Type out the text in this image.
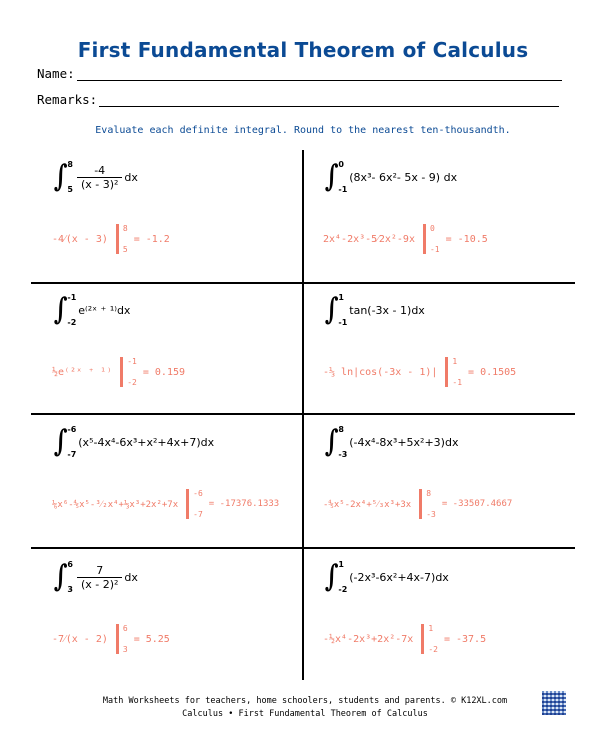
First Fundamental Theorem of Calculus
Name:
Remarks:
Evaluate each definite integral. Round to the nearest ten-thousandth.
∫ 8
$5 \frac{-4}{\text{(x - 3)²}}$ dx
-4⁄(x - 3)
8
5
= -1.2
∫ 0
-1
(8x³- 6x²- 5x - 9)
dx
2x⁴-2x³-5⁄2x²-9x
0
-1
= -10.5
∫ -1
-2
e⁽²ˣ ⁺ ¹⁾ dx
½e⁽²ˣ ⁺ ¹⁾
-1
-2
= 0.159
∫ 1
-1
tan(-3x - 1) dx
-⅓ ln|cos(-3x - 1)|
1
-1
= 0.1505
∫ -6
-7
(x⁵-4x⁴-6x³+x²+4x+7) dx
⅙x⁶-⅘x⁵-³⁄₂x⁴+⅓x³+2x²+7x
-6
-7
= -17376.1333
∫ 8
-3
(-4x⁴-8x³+5x²+3) dx
-⅘x⁵-2x⁴+⁵⁄₃x³+3x
8
-3
= -33507.4667
∫ 6
$3 \frac{7}{\text{(x - 2)²}}$ dx
-7⁄(x - 2)
6
3
= 5.25
∫ 1
-2
(-2x³-6x²+4x-7) dx
-½x⁴-2x³+2x²-7x
1
-2
= -37.5
Math Worksheets for teachers, home schoolers, students and parents. © K12XL.com
Calculus • First Fundamental Theorem of Calculus
